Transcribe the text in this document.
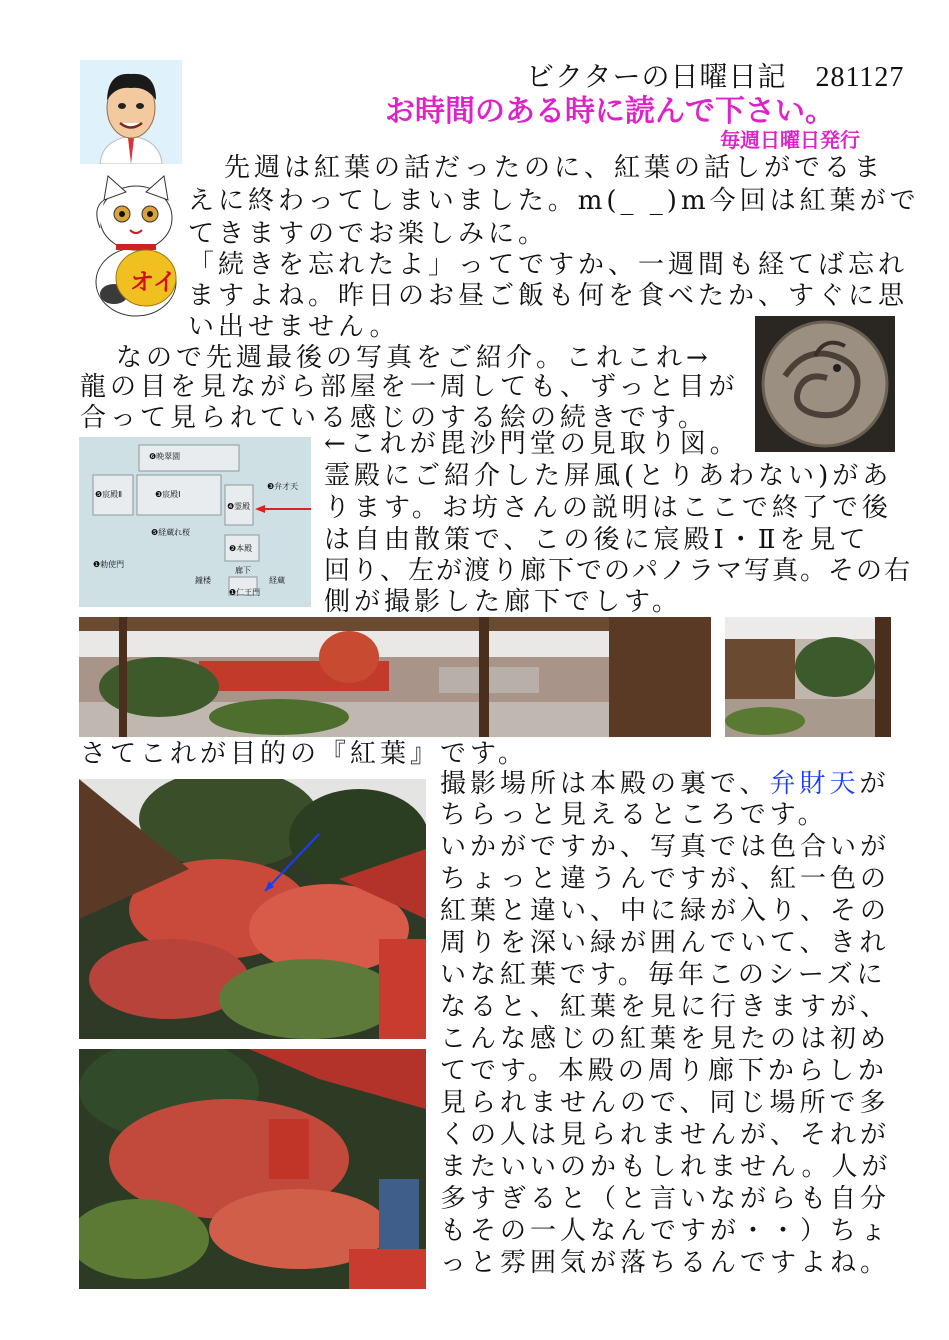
ビクターの日曜日記　281127
お時間のある時に読んで下さい。
毎週日曜日発行
オイ
先週は紅葉の話だったのに、紅葉の話しがでるま
えに終わってしまいました。m(_ _)m今回は紅葉がで
てきますのでお楽しみに。
「続きを忘れたよ」ってですか、一週間も経てば忘れ
ますよね。昨日のお昼ご飯も何を食べたか、すぐに思
い出せません。
なので先週最後の写真をご紹介。これこれ→
龍の目を見ながら部屋を一周しても、ずっと目が
合って見られている感じのする絵の続きです。
❻晩翠園
❺宸殿Ⅱ	❸宸殿Ⅰ
❹霊殿
❷本殿
❸弁才天
❺経蔵れ桜
❶勅使門
鐘楼
廊下
経蔵
❶仁王門
←これが毘沙門堂の見取り図。
霊殿にご紹介した屏風(とりあわない)があ
ります。お坊さんの説明はここで終了で後
は自由散策で、この後に宸殿Ⅰ・Ⅱを見て
回り、左が渡り廊下でのパノラマ写真。その右
側が撮影した廊下でしす。
さてこれが目的の『紅葉』です。
撮影場所は本殿の裏で、弁財天が
ちらっと見えるところです。
いかがですか、写真では色合いが
ちょっと違うんですが、紅一色の
紅葉と違い、中に緑が入り、その
周りを深い緑が囲んでいて、きれ
いな紅葉です。毎年このシーズに
なると、紅葉を見に行きますが、
こんな感じの紅葉を見たのは初め
てです。本殿の周り廊下からしか
見られませんので、同じ場所で多
くの人は見られませんが、それが
またいいのかもしれません。人が
多すぎると（と言いながらも自分
もその一人なんですが・・）ちょ
っと雰囲気が落ちるんですよね。
